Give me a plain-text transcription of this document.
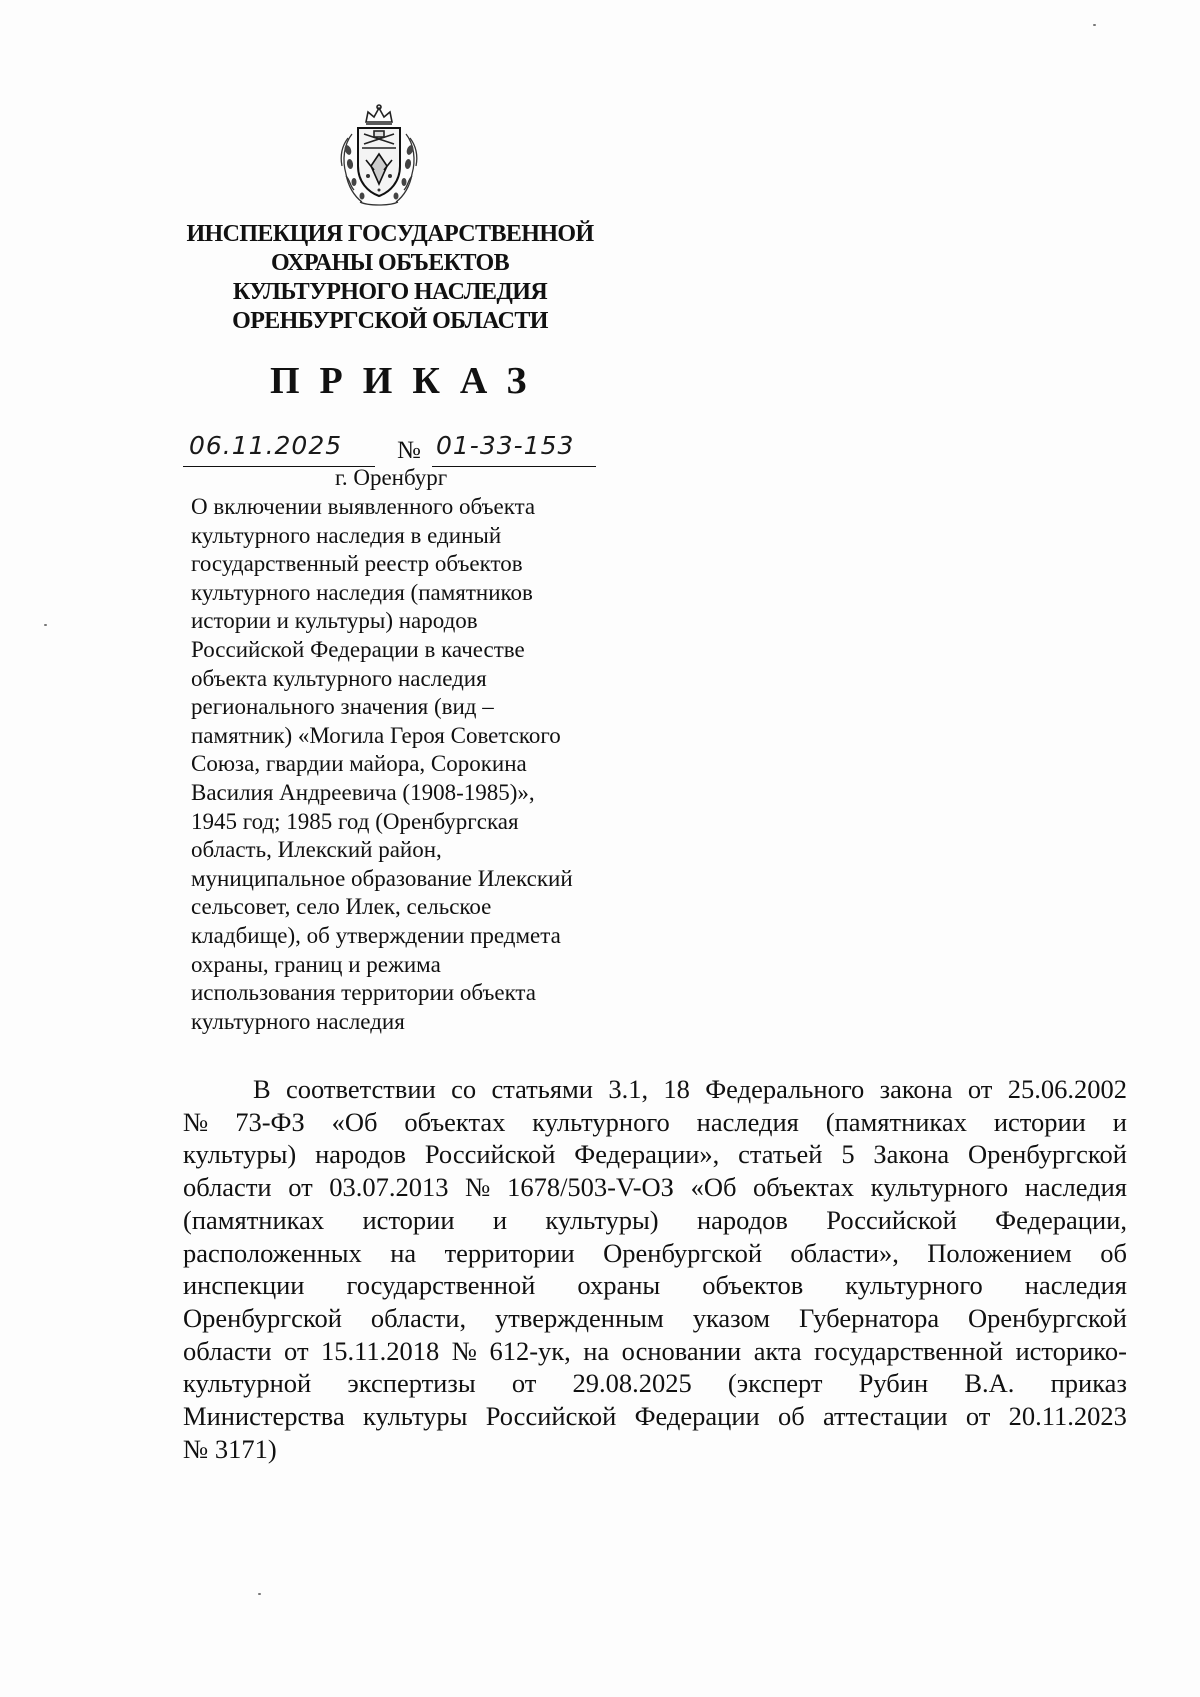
ИНСПЕКЦИЯ ГОСУДАРСТВЕННОЙ
ОХРАНЫ ОБЪЕКТОВ
КУЛЬТУРНОГО НАСЛЕДИЯ
ОРЕНБУРГСКОЙ ОБЛАСТИ
ПРИКАЗ
06.11.2025 № 01-33-153
г. Оренбург
О включении выявленного объекта
культурного наследия в единый
государственный реестр объектов
культурного наследия (памятников
истории и культуры) народов
Российской Федерации в качестве
объекта культурного наследия
регионального значения (вид –
памятник) «Могила Героя Советского
Союза, гвардии майора, Сорокина
Василия Андреевича (1908-1985)»,
1945 год; 1985 год (Оренбургская
область, Илекский район,
муниципальное образование Илекский
сельсовет, село Илек, сельское
кладбище), об утверждении предмета
охраны, границ и режима
использования территории объекта
культурного наследия
В соответствии со статьями 3.1, 18 Федерального закона от 25.06.2002
№ 73-ФЗ «Об объектах культурного наследия (памятниках истории и
культуры) народов Российской Федерации», статьей 5 Закона Оренбургской
области от 03.07.2013 № 1678/503-V-ОЗ «Об объектах культурного наследия
(памятниках истории и культуры) народов Российской Федерации,
расположенных на территории Оренбургской области», Положением об
инспекции государственной охраны объектов культурного наследия
Оренбургской области, утвержденным указом Губернатора Оренбургской
области от 15.11.2018 № 612-ук, на основании акта государственной историко-
культурной экспертизы от 29.08.2025 (эксперт Рубин В.А. приказ
Министерства культуры Российской Федерации об аттестации от 20.11.2023
№ 3171)
